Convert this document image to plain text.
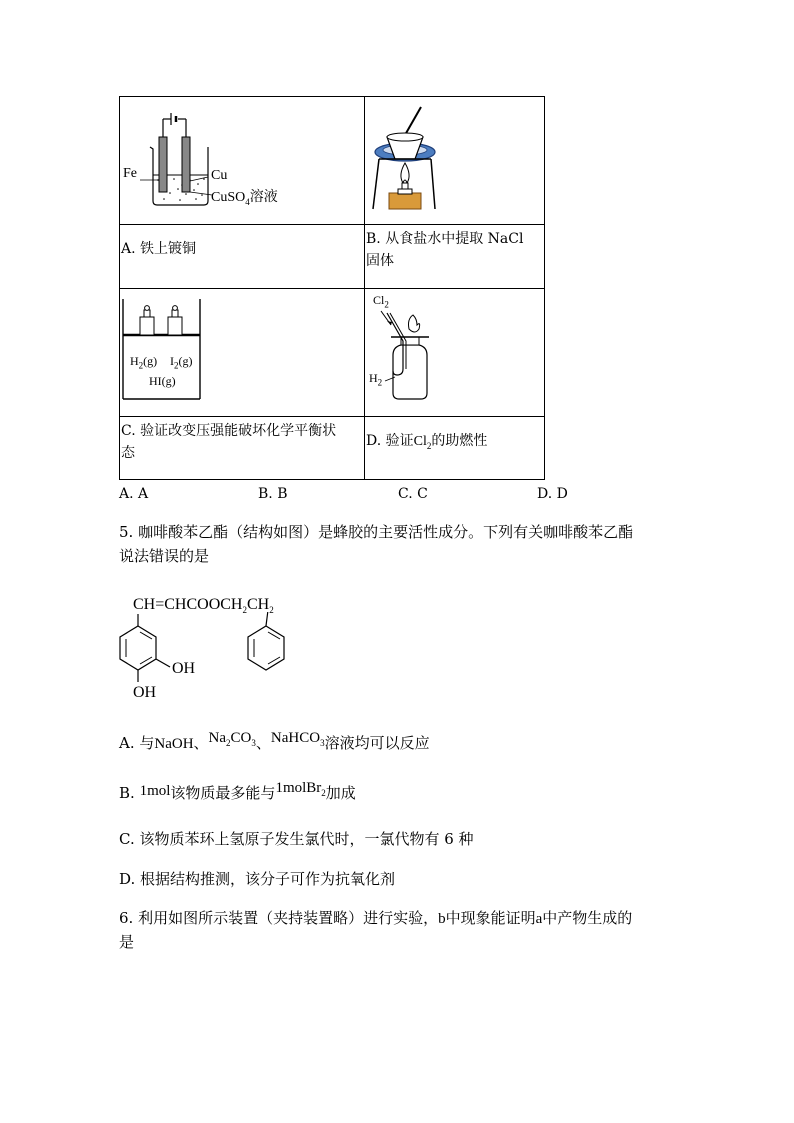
Fe	Cu
CuSO$_4$溶液
A. 铁上镀铜
B. 从食盐水中提取 NaCl
固体
$H_2(g)$ $I_2(g)$
HI(g)
$Cl_2$
$H_2$
C. 验证改变压强能破坏化学平衡状
态
D. 验证$Cl_2$的助燃性
A. A	B. B	C. C	D. D
5. 咖啡酸苯乙酯（结构如图）是蜂胶的主要活性成分。下列有关咖啡酸苯乙酯
说法错误的是
$CH=CHCOOCH_2CH_2$
OH
OH
A. 与NaOH、$Na_2CO_3$、NaHCO$_3$溶液均可以反应
B. 1mol该物质最多能与1molBr$_2$加成
C. 该物质苯环上氢原子发生氯代时，一氯代物有 6 种
D. 根据结构推测，该分子可作为抗氧化剂
6. 利用如图所示装置（夹持装置略）进行实验，b中现象能证明a中产物生成的
是
